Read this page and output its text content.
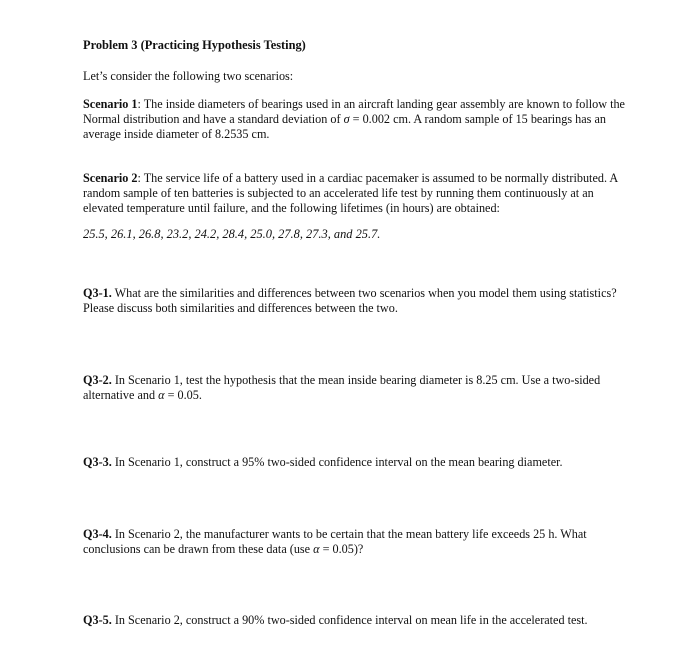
Problem 3 (Practicing Hypothesis Testing)
Let’s consider the following two scenarios:
Scenario 1: The inside diameters of bearings used in an aircraft landing gear assembly are known to follow the Normal distribution and have a standard deviation of σ = 0.002 cm. A random sample of 15 bearings has an average inside diameter of 8.2535 cm.
Scenario 2: The service life of a battery used in a cardiac pacemaker is assumed to be normally distributed. A random sample of ten batteries is subjected to an accelerated life test by running them continuously at an elevated temperature until failure, and the following lifetimes (in hours) are obtained:
25.5, 26.1, 26.8, 23.2, 24.2, 28.4, 25.0, 27.8, 27.3, and 25.7.
Q3-1. What are the similarities and differences between two scenarios when you model them using statistics? Please discuss both similarities and differences between the two.
Q3-2. In Scenario 1, test the hypothesis that the mean inside bearing diameter is 8.25 cm. Use a two-sided alternative and α = 0.05.
Q3-3. In Scenario 1, construct a 95% two-sided confidence interval on the mean bearing diameter.
Q3-4. In Scenario 2, the manufacturer wants to be certain that the mean battery life exceeds 25 h. What conclusions can be drawn from these data (use α = 0.05)?
Q3-5. In Scenario 2, construct a 90% two-sided confidence interval on mean life in the accelerated test.
